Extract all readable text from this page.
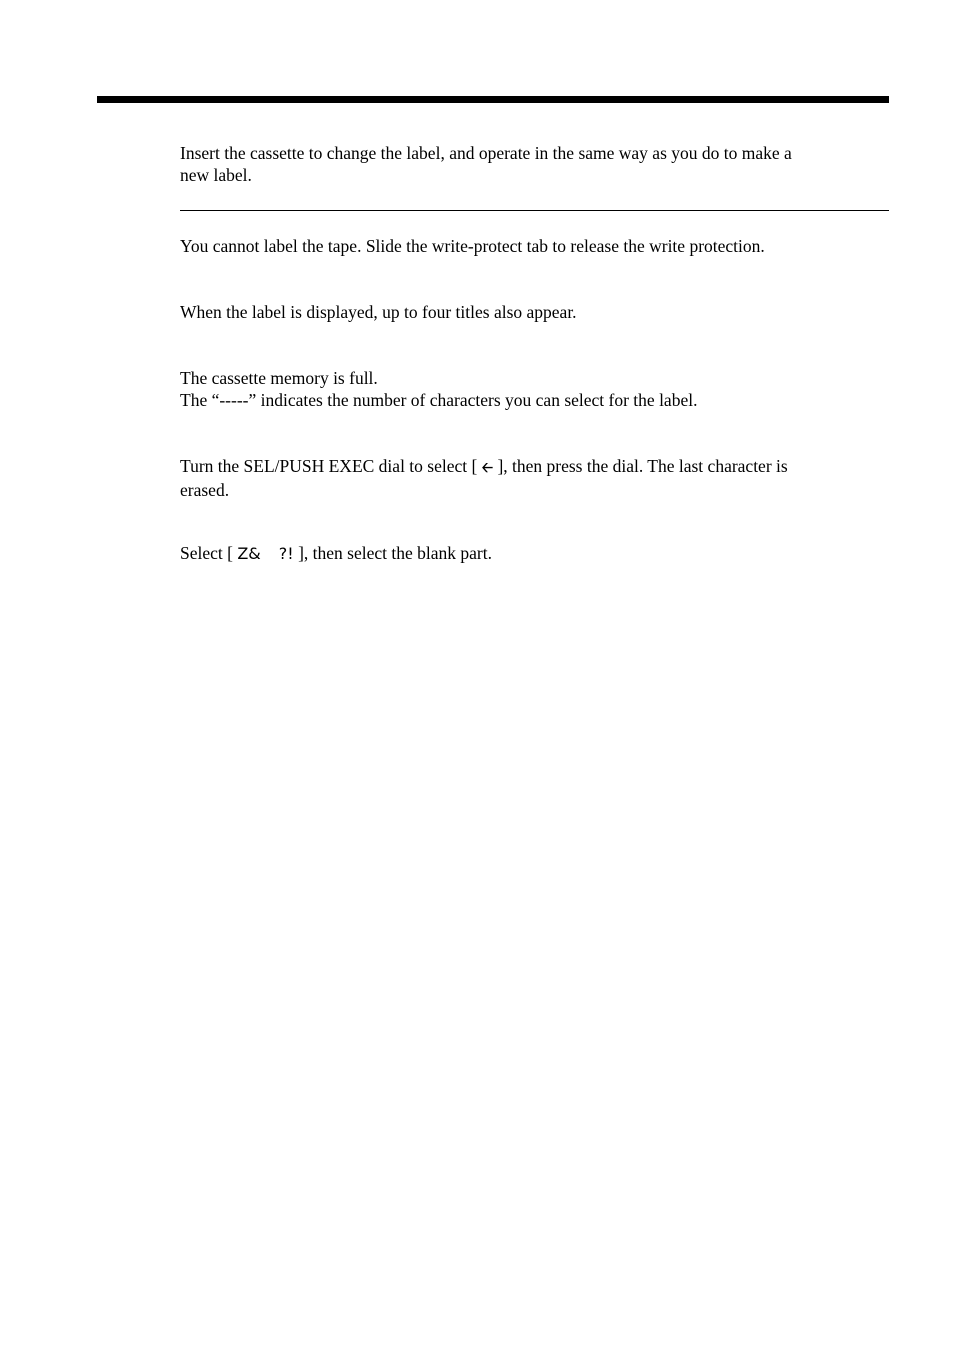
Insert the cassette to change the label, and operate in the same way as you do to make a
new label.

You cannot label the tape. Slide the write-protect tab to release the write protection.

When the label is displayed, up to four titles also appear.

The cassette memory is full.
The “-----” indicates the number of characters you can select for the label.

Turn the SEL/PUSH EXEC dial to select [ 🡠 ], then press the dial. The last character is
erased.

Select [ Z& ?! ], then select the blank part.
